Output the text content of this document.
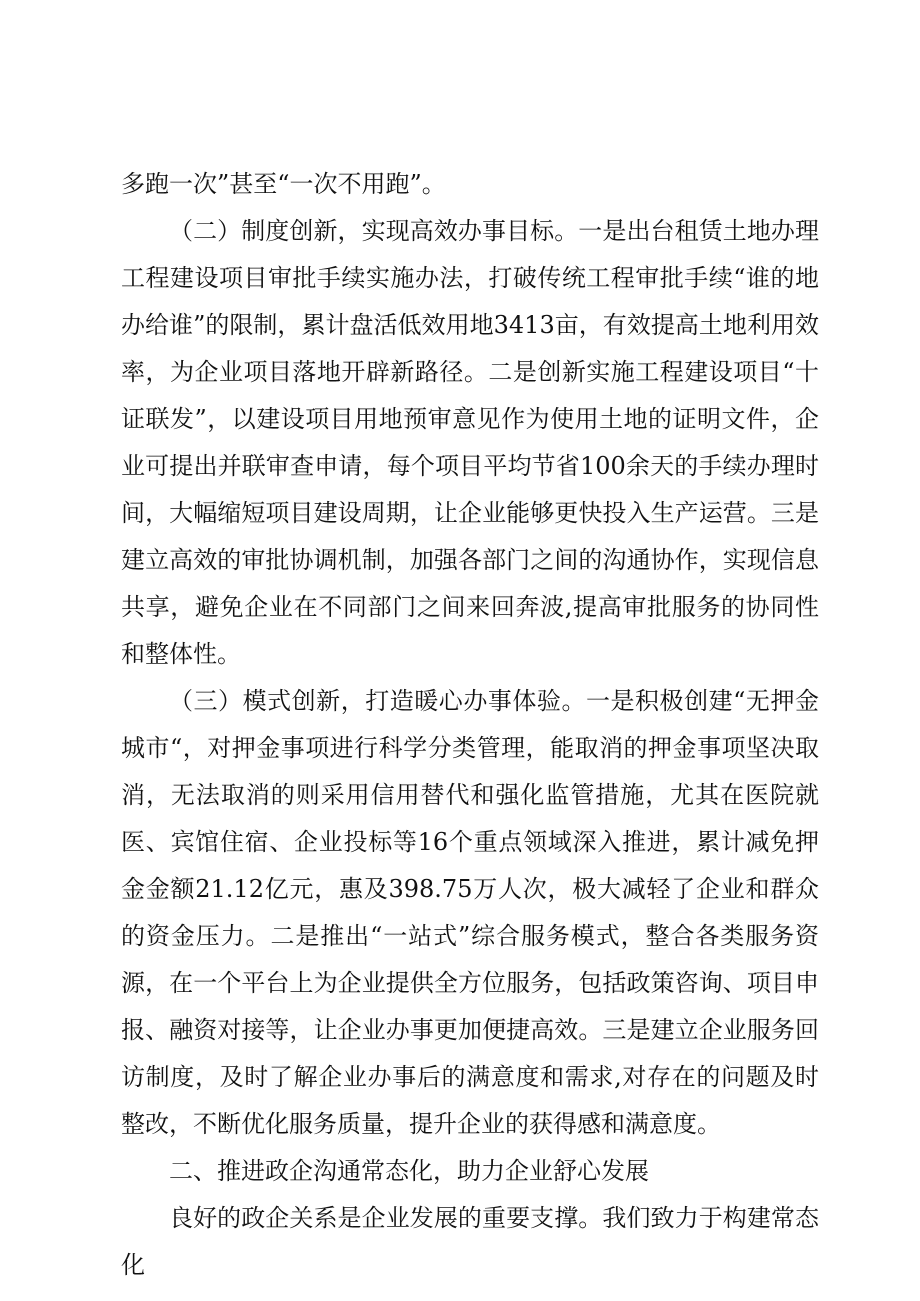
多跑一次”甚至“一次不用跑”。

（二）制度创新，实现高效办事目标。一是出台租赁土地办理工程建设项目审批手续实施办法，打破传统工程审批手续“谁的地办给谁”的限制，累计盘活低效用地3413亩，有效提高土地利用效率，为企业项目落地开辟新路径。二是创新实施工程建设项目“十证联发”，以建设项目用地预审意见作为使用土地的证明文件，企业可提出并联审查申请，每个项目平均节省100余天的手续办理时间，大幅缩短项目建设周期，让企业能够更快投入生产运营。三是建立高效的审批协调机制，加强各部门之间的沟通协作，实现信息共享，避免企业在不同部门之间来回奔波,提高审批服务的协同性和整体性。

（三）模式创新，打造暖心办事体验。一是积极创建“无押金城市“，对押金事项进行科学分类管理，能取消的押金事项坚决取消，无法取消的则采用信用替代和强化监管措施，尤其在医院就医、宾馆住宿、企业投标等16个重点领域深入推进，累计减免押金金额21.12亿元，惠及398.75万人次，极大减轻了企业和群众的资金压力。二是推出“一站式”综合服务模式，整合各类服务资源，在一个平台上为企业提供全方位服务，包括政策咨询、项目申报、融资对接等，让企业办事更加便捷高效。三是建立企业服务回访制度，及时了解企业办事后的满意度和需求,对存在的问题及时整改，不断优化服务质量，提升企业的获得感和满意度。

二、推进政企沟通常态化，助力企业舒心发展

良好的政企关系是企业发展的重要支撑。我们致力于构建常态化
